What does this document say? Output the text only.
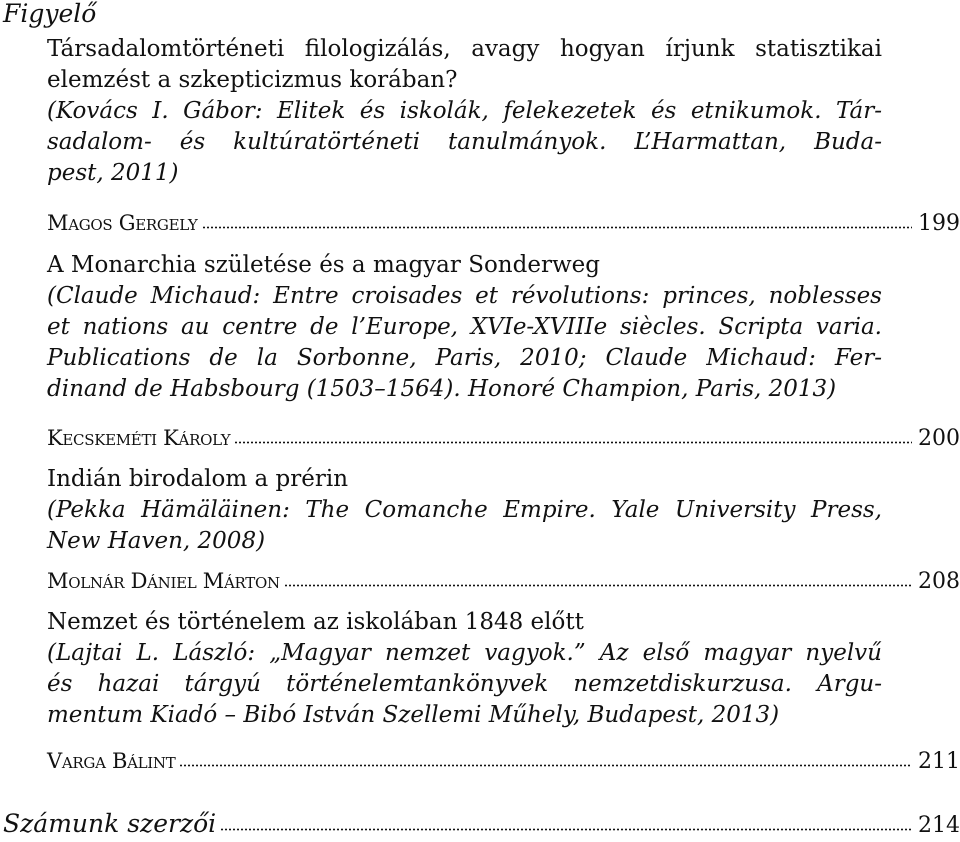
Figyelő
Társadalomtörténeti filologizálás, avagy hogyan írjunk statisztikai
elemzést a szkepticizmus korában?
(Kovács I. Gábor: Elitek és iskolák, felekezetek és etnikumok. Tár-
sadalom- és kultúratörténeti tanulmányok. L’Harmattan, Buda-
pest, 2011)
Magos Gergely	199
A Monarchia születése és a magyar Sonderweg
(Claude Michaud: Entre croisades et révolutions: princes, noblesses
et nations au centre de l’Europe, XVIe-XVIIIe siècles. Scripta varia.
Publications de la Sorbonne, Paris, 2010; Claude Michaud: Fer-
dinand de Habsbourg (1503–1564). Honoré Champion, Paris, 2013)
Kecskeméti Károly	200
Indián birodalom a prérin
(Pekka Hämäläinen: The Comanche Empire. Yale University Press,
New Haven, 2008)
Molnár Dániel Márton	208
Nemzet és történelem az iskolában 1848 előtt
(Lajtai L. László: „Magyar nemzet vagyok.” Az első magyar nyelvű
és hazai tárgyú történelemtankönyvek nemzetdiskurzusa. Argu-
mentum Kiadó – Bibó István Szellemi Műhely, Budapest, 2013)
Varga Bálint	211
Számunk szerzői	214
